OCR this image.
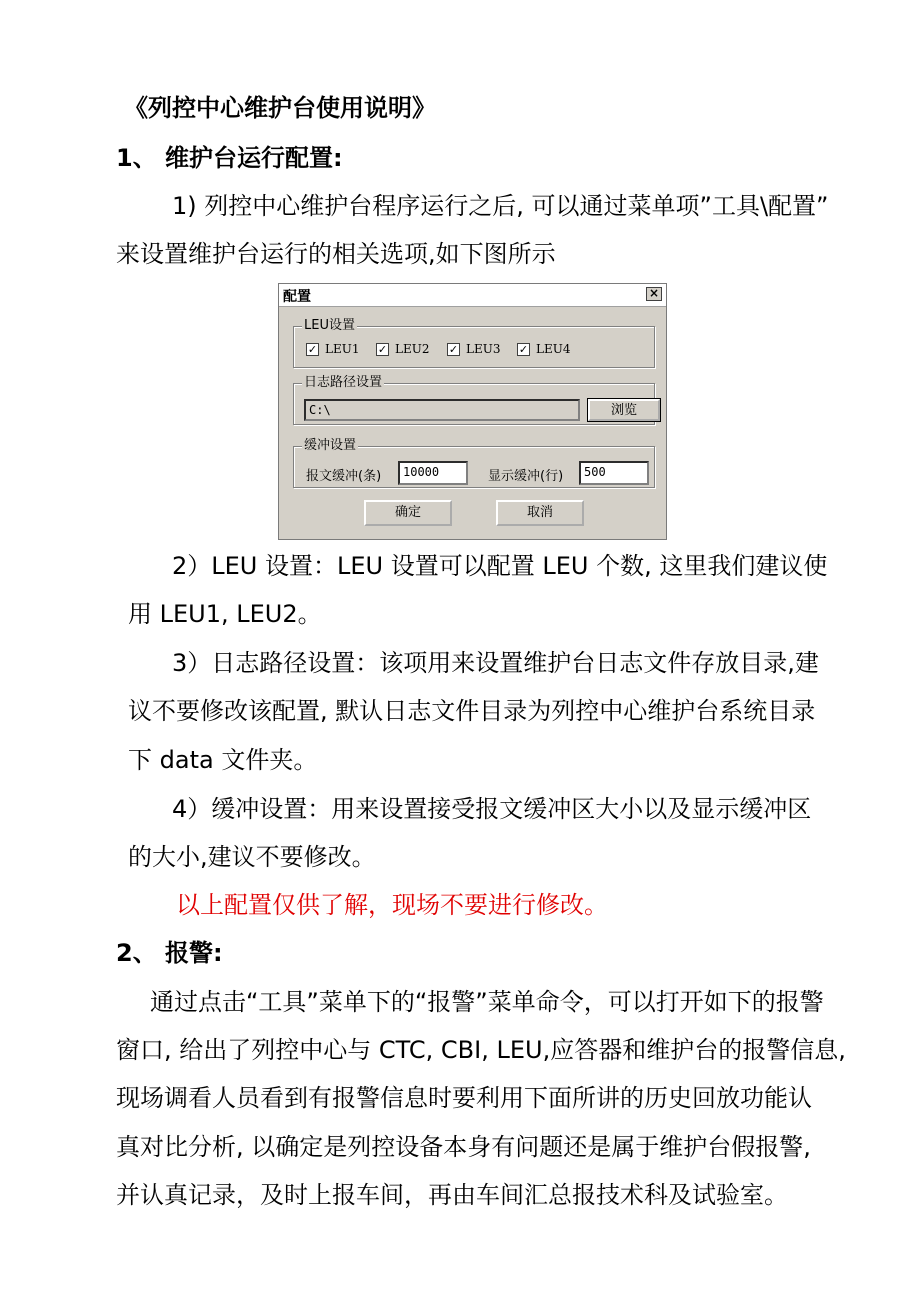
《列控中心维护台使用说明》
1、 维护台运行配置:
1) 列控中心维护台程序运行之后, 可以通过菜单项”工具\配置”
来设置维护台运行的相关选项,如下图所示
配置	×
LEU设置
✓ LEU1 ✓ LEU2 ✓ LEU3 ✓ LEU4
日志路径设置
C:\	浏览
缓冲设置
报文缓冲(条)	10000	显示缓冲(行)	500
确定	取消
2）LEU 设置：LEU 设置可以配置 LEU 个数, 这里我们建议使
用 LEU1, LEU2。
3）日志路径设置：该项用来设置维护台日志文件存放目录,建
议不要修改该配置, 默认日志文件目录为列控中心维护台系统目录
下 data 文件夹。
4）缓冲设置：用来设置接受报文缓冲区大小以及显示缓冲区
的大小,建议不要修改。
以上配置仅供了解，现场不要进行修改。
2、 报警:
通过点击“工具”菜单下的“报警”菜单命令，可以打开如下的报警
窗口, 给出了列控中心与 CTC, CBI, LEU,应答器和维护台的报警信息,
现场调看人员看到有报警信息时要利用下面所讲的历史回放功能认
真对比分析, 以确定是列控设备本身有问题还是属于维护台假报警,
并认真记录，及时上报车间，再由车间汇总报技术科及试验室。
